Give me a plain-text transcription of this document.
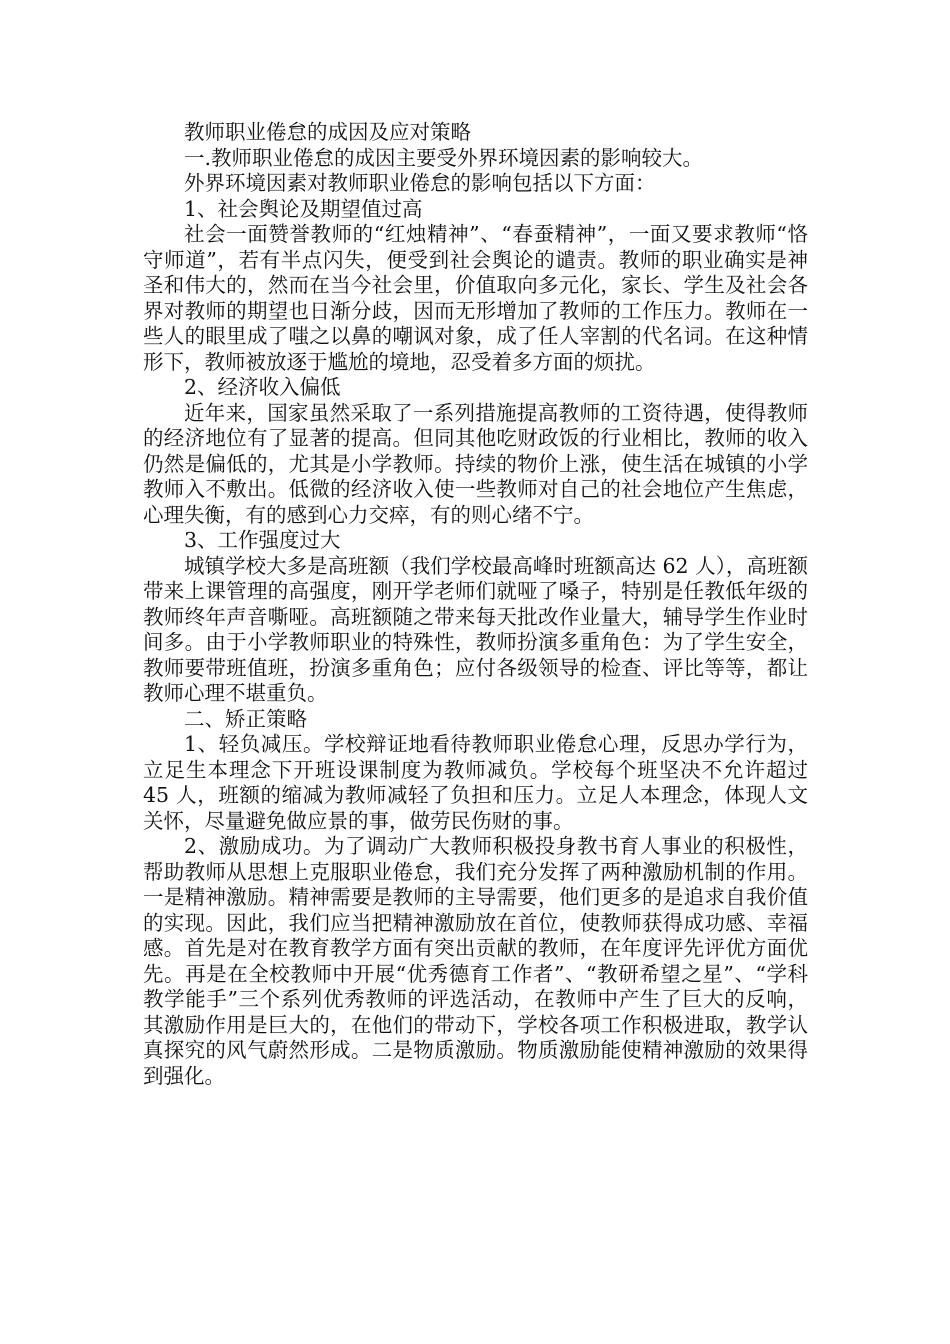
教师职业倦怠的成因及应对策略

一.教师职业倦怠的成因主要受外界环境因素的影响较大。

外界环境因素对教师职业倦怠的影响包括以下方面：

1、社会舆论及期望值过高

社会一面赞誉教师的“红烛精神”、“春蚕精神”，一面又要求教师“恪守师道”，若有半点闪失，便受到社会舆论的谴责。教师的职业确实是神圣和伟大的，然而在当今社会里，价值取向多元化，家长、学生及社会各界对教师的期望也日渐分歧，因而无形增加了教师的工作压力。教师在一些人的眼里成了嗤之以鼻的嘲讽对象，成了任人宰割的代名词。在这种情形下，教师被放逐于尴尬的境地，忍受着多方面的烦扰。

2、经济收入偏低

近年来，国家虽然采取了一系列措施提高教师的工资待遇，使得教师的经济地位有了显著的提高。但同其他吃财政饭的行业相比，教师的收入仍然是偏低的，尤其是小学教师。持续的物价上涨，使生活在城镇的小学教师入不敷出。低微的经济收入使一些教师对自己的社会地位产生焦虑，心理失衡，有的感到心力交瘁，有的则心绪不宁。

3、工作强度过大

城镇学校大多是高班额（我们学校最高峰时班额高达 62 人），高班额带来上课管理的高强度，刚开学老师们就哑了嗓子，特别是任教低年级的教师终年声音嘶哑。高班额随之带来每天批改作业量大，辅导学生作业时间多。由于小学教师职业的特殊性，教师扮演多重角色：为了学生安全，教师要带班值班，扮演多重角色；应付各级领导的检查、评比等等，都让教师心理不堪重负。

二、矫正策略

1、轻负减压。学校辩证地看待教师职业倦怠心理，反思办学行为，立足生本理念下开班设课制度为教师减负。学校每个班坚决不允许超过 45 人，班额的缩减为教师减轻了负担和压力。立足人本理念，体现人文关怀，尽量避免做应景的事，做劳民伤财的事。

2、激励成功。为了调动广大教师积极投身教书育人事业的积极性，帮助教师从思想上克服职业倦怠，我们充分发挥了两种激励机制的作用。一是精神激励。精神需要是教师的主导需要，他们更多的是追求自我价值的实现。因此，我们应当把精神激励放在首位，使教师获得成功感、幸福感。首先是对在教育教学方面有突出贡献的教师，在年度评先评优方面优先。再是在全校教师中开展“优秀德育工作者”、“教研希望之星”、“学科教学能手”三个系列优秀教师的评选活动，在教师中产生了巨大的反响，其激励作用是巨大的，在他们的带动下，学校各项工作积极进取，教学认真探究的风气蔚然形成。二是物质激励。物质激励能使精神激励的效果得到强化。
